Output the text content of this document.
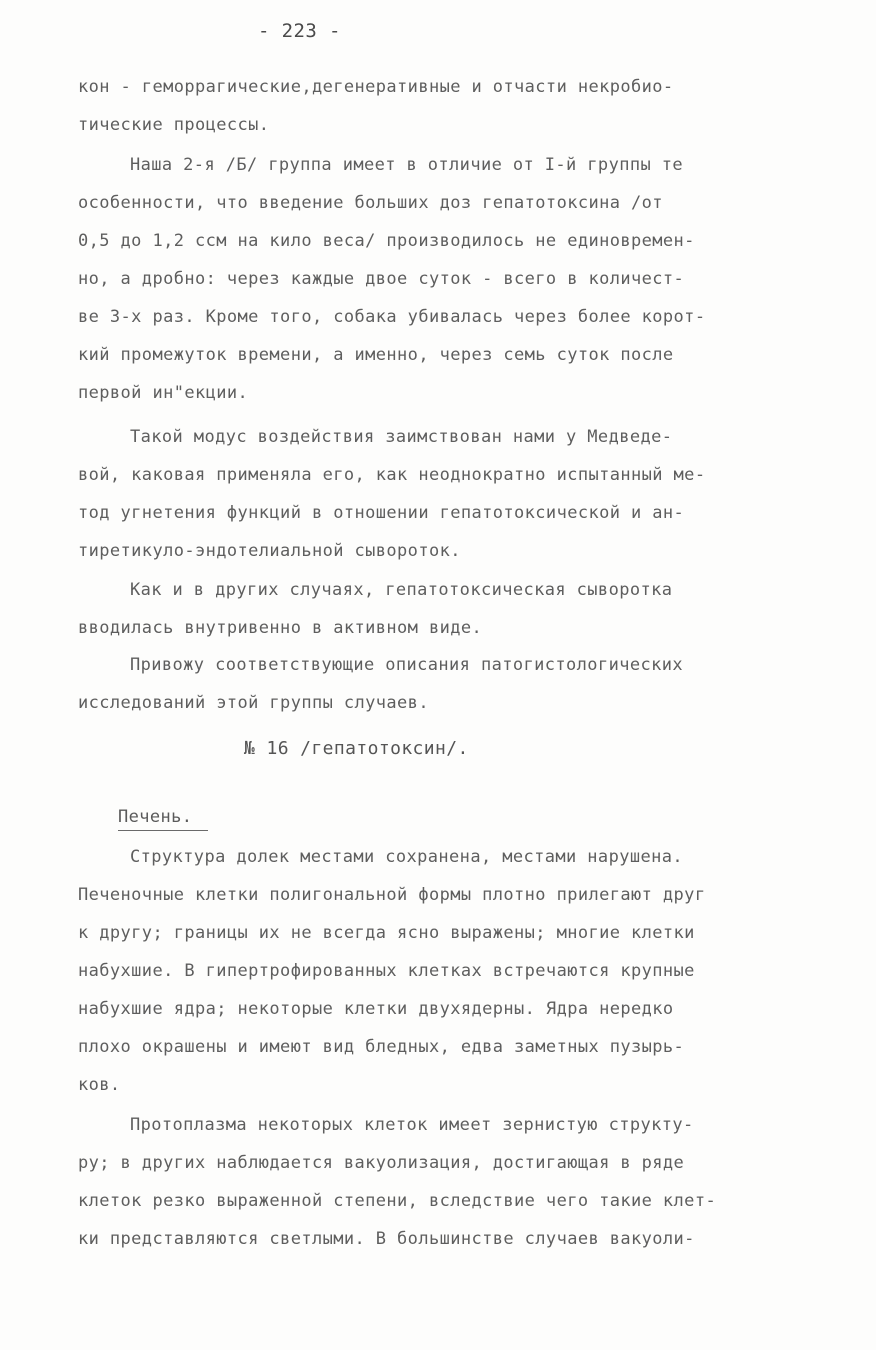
- 223 -
кон - геморрагические,дегенеративные и отчасти некробио-
тические процессы.
Наша 2-я /Б/ группа имеет в отличие от I-й группы те
особенности, что введение больших доз гепатотоксина /от
0,5 до 1,2 ссм на кило веса/ производилось не единовремен-
но, а дробно: через каждые двое суток - всего в количест-
ве 3-х раз. Кроме того, собака убивалась через более корот-
кий промежуток времени, а именно, через семь суток после
первой ин"екции.
Такой модус воздействия заимствован нами у Медведе-
вой, каковая применяла его, как неоднократно испытанный ме-
тод угнетения функций в отношении гепатотоксической и ан-
тиретикуло-эндотелиальной сывороток.
Как и в других случаях, гепатотоксическая сыворотка
вводилась внутривенно в активном виде.
Привожу соответствующие описания патогистологических
исследований этой группы случаев.
№ 16 /гепатотоксин/.
Печень.
Структура долек местами сохранена, местами нарушена.
Печеночные клетки полигональной формы плотно прилегают друг
к другу; границы их не всегда ясно выражены; многие клетки
набухшие. В гипертрофированных клетках встречаются крупные
набухшие ядра; некоторые клетки двухядерны. Ядра нередко
плохо окрашены и имеют вид бледных, едва заметных пузырь-
ков.
Протоплазма некоторых клеток имеет зернистую структу-
ру; в других наблюдается вакуолизация, достигающая в ряде
клеток резко выраженной степени, вследствие чего такие клет-
ки представляются светлыми. В большинстве случаев вакуоли-
